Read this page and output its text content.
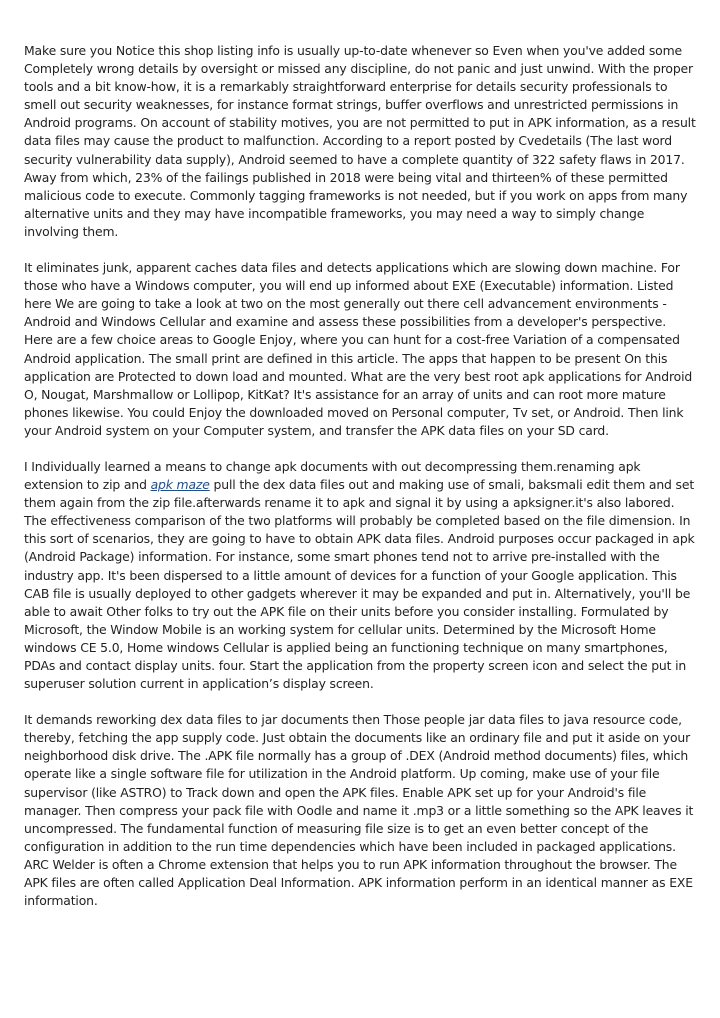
Make sure you Notice this shop listing info is usually up-to-date whenever so Even when you've added some Completely wrong details by oversight or missed any discipline, do not panic and just unwind. With the proper tools and a bit know-how, it is a remarkably straightforward enterprise for details security professionals to smell out security weaknesses, for instance format strings, buffer overflows and unrestricted permissions in Android programs. On account of stability motives, you are not permitted to put in APK information, as a result data files may cause the product to malfunction. According to a report posted by Cvedetails (The last word security vulnerability data supply), Android seemed to have a complete quantity of 322 safety flaws in 2017. Away from which, 23% of the failings published in 2018 were being vital and thirteen% of these permitted malicious code to execute. Commonly tagging frameworks is not needed, but if you work on apps from many alternative units and they may have incompatible frameworks, you may need a way to simply change involving them.

It eliminates junk, apparent caches data files and detects applications which are slowing down machine. For those who have a Windows computer, you will end up informed about EXE (Executable) information. Listed here We are going to take a look at two on the most generally out there cell advancement environments - Android and Windows Cellular and examine and assess these possibilities from a developer's perspective. Here are a few choice areas to Google Enjoy, where you can hunt for a cost-free Variation of a compensated Android application. The small print are defined in this article. The apps that happen to be present On this application are Protected to down load and mounted. What are the very best root apk applications for Android O, Nougat, Marshmallow or Lollipop, KitKat? It's assistance for an array of units and can root more mature phones likewise. You could Enjoy the downloaded moved on Personal computer, Tv set, or Android. Then link your Android system on your Computer system, and transfer the APK data files on your SD card.

I Individually learned a means to change apk documents with out decompressing them.renaming apk extension to zip and apk maze pull the dex data files out and making use of smali, baksmali edit them and set them again from the zip file.afterwards rename it to apk and signal it by using a apksigner.it's also labored. The effectiveness comparison of the two platforms will probably be completed based on the file dimension. In this sort of scenarios, they are going to have to obtain APK data files. Android purposes occur packaged in apk (Android Package) information. For instance, some smart phones tend not to arrive pre-installed with the industry app. It's been dispersed to a little amount of devices for a function of your Google application. This CAB file is usually deployed to other gadgets wherever it may be expanded and put in. Alternatively, you'll be able to await Other folks to try out the APK file on their units before you consider installing. Formulated by Microsoft, the Window Mobile is an working system for cellular units. Determined by the Microsoft Home windows CE 5.0, Home windows Cellular is applied being an functioning technique on many smartphones, PDAs and contact display units. four. Start the application from the property screen icon and select the put in superuser solution current in application’s display screen.

It demands reworking dex data files to jar documents then Those people jar data files to java resource code, thereby, fetching the app supply code. Just obtain the documents like an ordinary file and put it aside on your neighborhood disk drive. The .APK file normally has a group of .DEX (Android method documents) files, which operate like a single software file for utilization in the Android platform. Up coming, make use of your file supervisor (like ASTRO) to Track down and open the APK files. Enable APK set up for your Android's file manager. Then compress your pack file with Oodle and name it .mp3 or a little something so the APK leaves it uncompressed. The fundamental function of measuring file size is to get an even better concept of the configuration in addition to the run time dependencies which have been included in packaged applications. ARC Welder is often a Chrome extension that helps you to run APK information throughout the browser. The APK files are often called Application Deal Information. APK information perform in an identical manner as EXE information.
